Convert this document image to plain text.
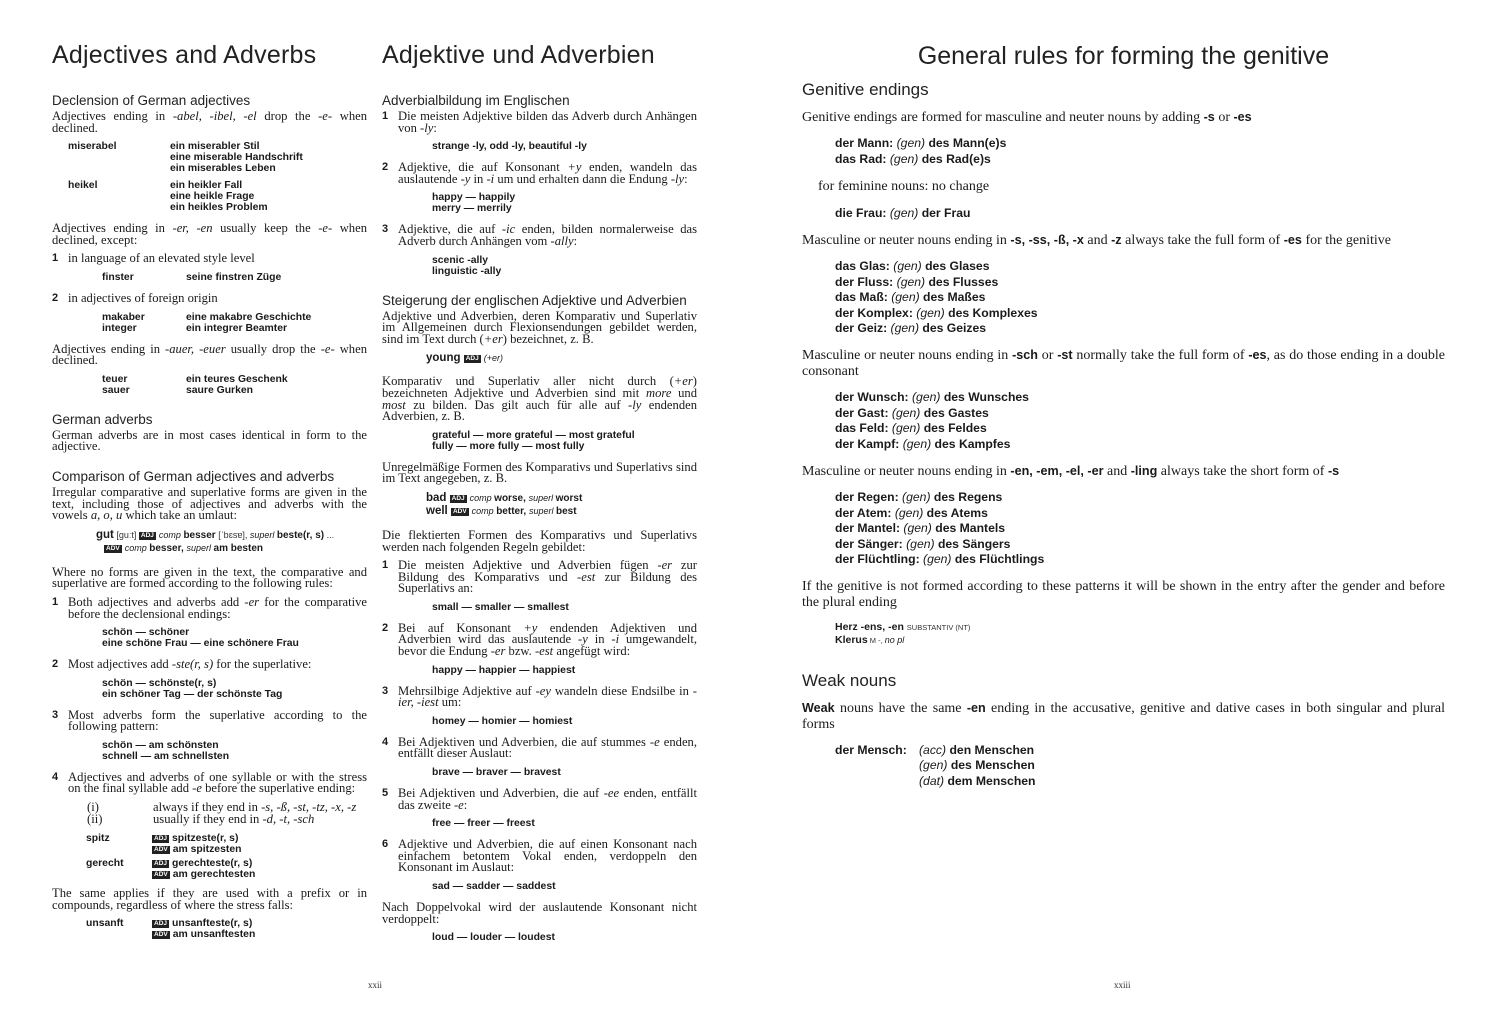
Adjectives and Adverbs
Declension of German adjectives
Adjectives ending in -abel, -ibel, -el drop the -e- when declined.
miserabel	ein miserabler Stil
eine miserable Handschrift
ein miserables Leben
heikel	ein heikler Fall
eine heikle Frage
ein heikles Problem
Adjectives ending in -er, -en usually keep the -e- when declined, except:
1 in language of an elevated style level
finster	seine finstren Züge
2 in adjectives of foreign origin
makaber	eine makabre Geschichte
integer	ein integrer Beamter
Adjectives ending in -auer, -euer usually drop the -e- when declined.
teuer	ein teures Geschenk
sauer	saure Gurken
German adverbs
German adverbs are in most cases identical in form to the adjective.
Comparison of German adjectives and adverbs
Irregular comparative and superlative forms are given in the text, including those of adjectives and adverbs with the vowels a, o, u which take an umlaut:
gut [guːt] ADJ comp besser [ˈbɛsɐ], superl beste(r, s) ...
ADV comp besser, superl am besten
Where no forms are given in the text, the comparative and superlative are formed according to the following rules:
1 Both adjectives and adverbs add -er for the comparative before the declensional endings:
schön — schöner
eine schöne Frau — eine schönere Frau
2 Most adjectives add -ste(r, s) for the superlative:
schön — schönste(r, s)
ein schöner Tag — der schönste Tag
3 Most adverbs form the superlative according to the following pattern:
schön — am schönsten
schnell — am schnellsten
4 Adjectives and adverbs of one syllable or with the stress on the final syllable add -e before the superlative ending:
(i)	always if they end in -s, -ß, -st, -tz, -x, -z
(ii)	usually if they end in -d, -t, -sch
spitz	ADJ spitzeste(r, s)
ADV am spitzesten
gerecht	ADJ gerechteste(r, s)
ADV am gerechtesten
The same applies if they are used with a prefix or in compounds, regardless of where the stress falls:
unsanft	ADJ unsanfteste(r, s)
ADV am unsanftesten
Adjektive und Adverbien
Adverbialbildung im Englischen
1 Die meisten Adjektive bilden das Adverb durch Anhängen von -ly:
strange -ly, odd -ly, beautiful -ly
2 Adjektive, die auf Konsonant +y enden, wandeln das auslautende -y in -i um und erhalten dann die Endung -ly:
happy — happily
merry — merrily
3 Adjektive, die auf -ic enden, bilden normalerweise das Adverb durch Anhängen vom -ally:
scenic -ally
linguistic -ally
Steigerung der englischen Adjektive und Adverbien
Adjektive und Adverbien, deren Komparativ und Superlativ im Allgemeinen durch Flexionsendungen gebildet werden, sind im Text durch (+er) bezeichnet, z. B.
young ADJ (+er)
Komparativ und Superlativ aller nicht durch (+er) bezeichneten Adjektive und Adverbien sind mit more und most zu bilden. Das gilt auch für alle auf -ly endenden Adverbien, z. B.
grateful — more grateful — most grateful
fully — more fully — most fully
Unregelmäßige Formen des Komparativs und Superlativs sind im Text angegeben, z. B.
bad ADJ comp worse, superl worst
well ADV comp better, superl best
Die flektierten Formen des Komparativs und Superlativs werden nach folgenden Regeln gebildet:
1 Die meisten Adjektive und Adverbien fügen -er zur Bildung des Komparativs und -est zur Bildung des Superlativs an:
small — smaller — smallest
2 Bei auf Konsonant +y endenden Adjektiven und Adverbien wird das auslautende -y in -i umgewandelt, bevor die Endung -er bzw. -est angefügt wird:
happy — happier — happiest
3 Mehrsilbige Adjektive auf -ey wandeln diese Endsilbe in -ier, -iest um:
homey — homier — homiest
4 Bei Adjektiven und Adverbien, die auf stummes -e enden, entfällt dieser Auslaut:
brave — braver — bravest
5 Bei Adjektiven und Adverbien, die auf -ee enden, entfällt das zweite -e:
free — freer — freest
6 Adjektive und Adverbien, die auf einen Konsonant nach einfachem betontem Vokal enden, verdoppeln den Konsonant im Auslaut:
sad — sadder — saddest
Nach Doppelvokal wird der auslautende Konsonant nicht verdoppelt:
loud — louder — loudest
General rules for forming the genitive
Genitive endings
Genitive endings are formed for masculine and neuter nouns by adding -s or -es
der Mann: (gen) des Mann(e)s
das Rad: (gen) des Rad(e)s
for feminine nouns: no change
die Frau: (gen) der Frau
Masculine or neuter nouns ending in -s, -ss, -ß, -x and -z always take the full form of -es for the genitive
das Glas: (gen) des Glases
der Fluss: (gen) des Flusses
das Maß: (gen) des Maßes
der Komplex: (gen) des Komplexes
der Geiz: (gen) des Geizes
Masculine or neuter nouns ending in -sch or -st normally take the full form of -es, as do those ending in a double consonant
der Wunsch: (gen) des Wunsches
der Gast: (gen) des Gastes
das Feld: (gen) des Feldes
der Kampf: (gen) des Kampfes
Masculine or neuter nouns ending in -en, -em, -el, -er and -ling always take the short form of -s
der Regen: (gen) des Regens
der Atem: (gen) des Atems
der Mantel: (gen) des Mantels
der Sänger: (gen) des Sängers
der Flüchtling: (gen) des Flüchtlings
If the genitive is not formed according to these patterns it will be shown in the entry after the gender and before the plural ending
Herz -ens, -en SUBSTANTIV (NT)
Klerus M -, no pl
Weak nouns
Weak nouns have the same -en ending in the accusative, genitive and dative cases in both singular and plural forms
der Mensch:	(acc) den Menschen
(gen) des Menschen
(dat) dem Menschen
xxii	xxiii
